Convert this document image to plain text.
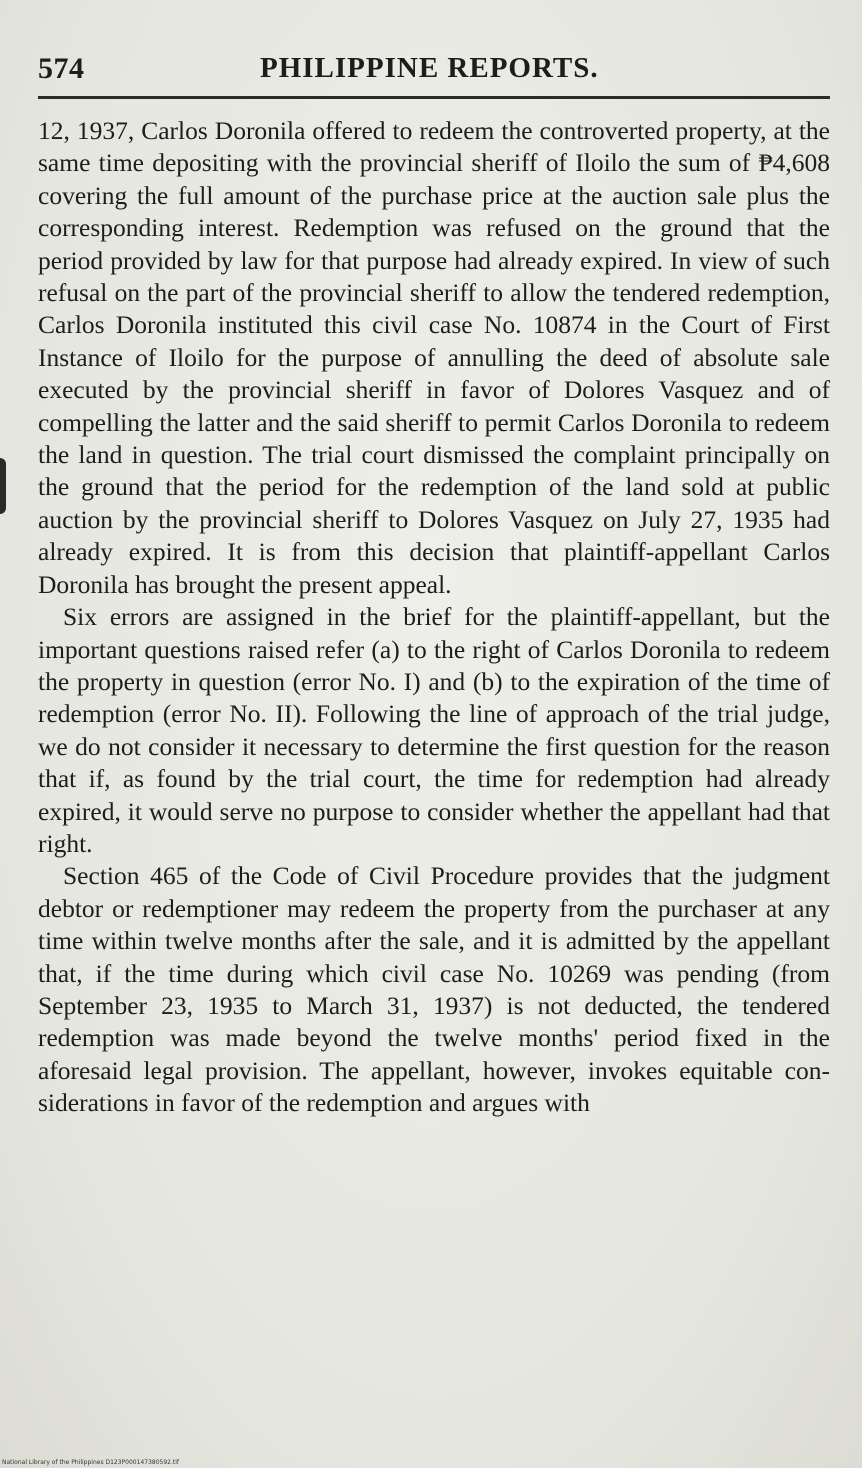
574	PHILIPPINE REPORTS.

12, 1937, Carlos Doronila offered to redeem the controverted property, at the same time depositing with the provincial sheriff of Iloilo the sum of ₱4,608 covering the full amount of the purchase price at the auction sale plus the corresponding interest. Redemption was refused on the ground that the period provided by law for that purpose had already expired. In view of such refusal on the part of the provincial sheriff to allow the tendered redemption, Carlos Doronila instituted this civil case No. 10874 in the Court of First Instance of Iloilo for the purpose of annulling the deed of absolute sale executed by the provincial sheriff in favor of Dolores Vasquez and of compelling the latter and the said sheriff to permit Carlos Doronila to redeem the land in question. The trial court dismissed the complaint principally on the ground that the period for the redemption of the land sold at public auction by the provincial sheriff to Dolores Vasquez on July 27, 1935 had already expired. It is from this decision that plaintiff-appellant Carlos Doronila has brought the present appeal.

Six errors are assigned in the brief for the plaintiff-appellant, but the important questions raised refer (a) to the right of Carlos Doronila to redeem the property in question (error No. I) and (b) to the expiration of the time of redemption (error No. II). Following the line of approach of the trial judge, we do not consider it necessary to determine the first question for the reason that if, as found by the trial court, the time for redemption had already expired, it would serve no purpose to consider whether the appellant had that right.

Section 465 of the Code of Civil Procedure provides that the judgment debtor or redemptioner may redeem the property from the purchaser at any time within twelve months after the sale, and it is admitted by the appellant that, if the time during which civil case No. 10269 was pending (from September 23, 1935 to March 31, 1937) is not deducted, the tendered redemption was made beyond the twelve months' period fixed in the aforesaid legal provision. The appellant, however, invokes equitable considerations in favor of the redemption and argues with

National Library of the Philippines D123P000147380592.tif
